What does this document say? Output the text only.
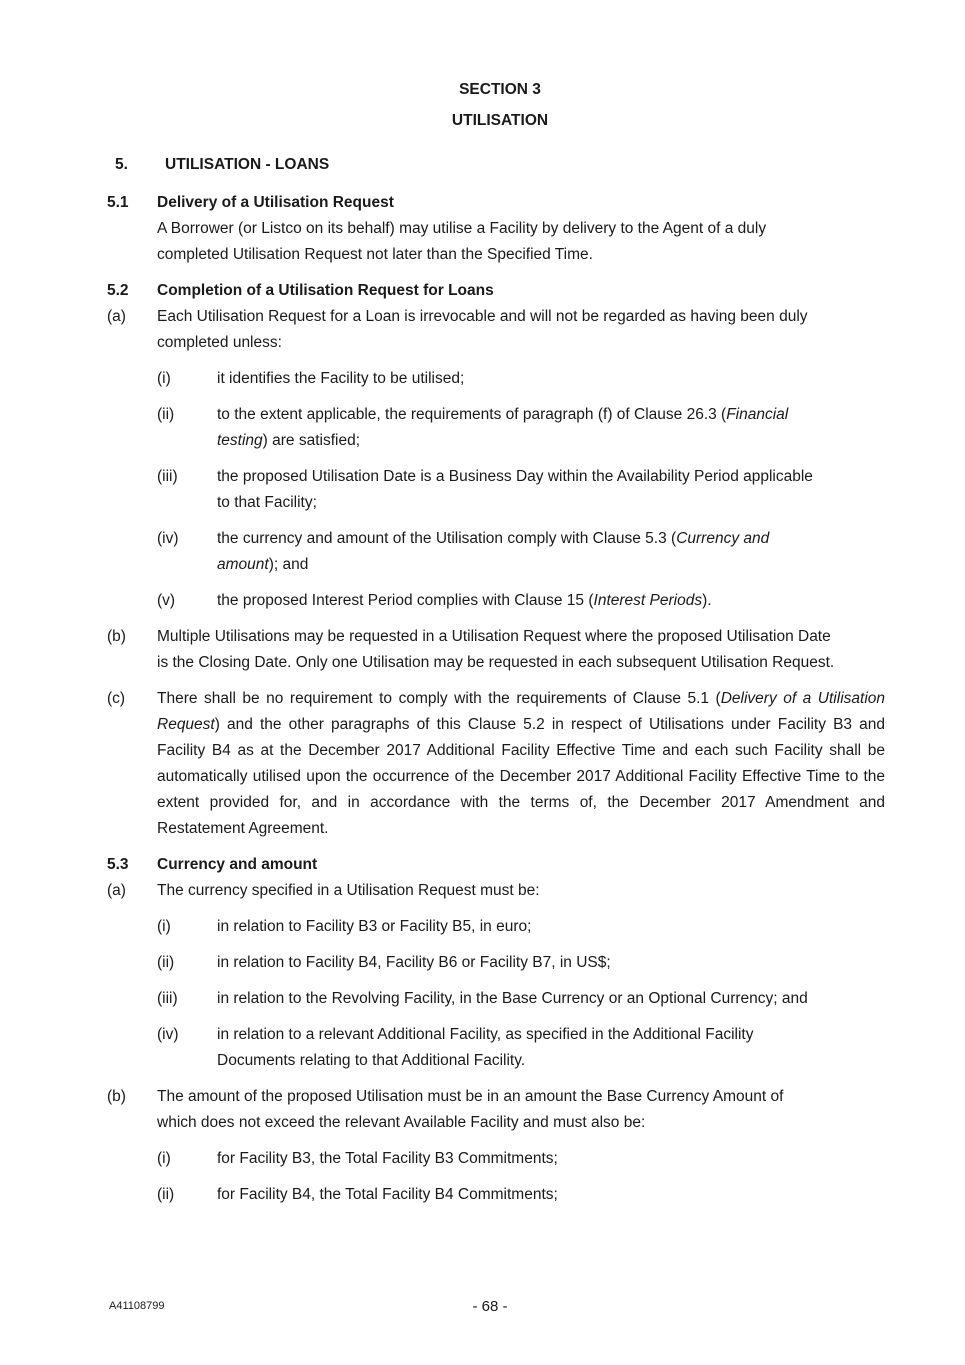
SECTION 3
UTILISATION
5. UTILISATION - LOANS
5.1 Delivery of a Utilisation Request
A Borrower (or Listco on its behalf) may utilise a Facility by delivery to the Agent of a duly
completed Utilisation Request not later than the Specified Time.
5.2 Completion of a Utilisation Request for Loans
(a) Each Utilisation Request for a Loan is irrevocable and will not be regarded as having been duly
completed unless:
(i)	it identifies the Facility to be utilised;
(ii)	to the extent applicable, the requirements of paragraph (f) of Clause 26.3 (Financial
testing) are satisfied;
(iii)	the proposed Utilisation Date is a Business Day within the Availability Period applicable
to that Facility;
(iv) the currency and amount of the Utilisation comply with Clause 5.3 (Currency and
amount); and
(v)	the proposed Interest Period complies with Clause 15 (Interest Periods).
(b) Multiple Utilisations may be requested in a Utilisation Request where the proposed Utilisation Date
is the Closing Date. Only one Utilisation may be requested in each subsequent Utilisation Request.
(c) There shall be no requirement to comply with the requirements of Clause 5.1 (Delivery of a Utilisation Request) and the other paragraphs of this Clause 5.2 in respect of Utilisations under Facility B3 and Facility B4 as at the December 2017 Additional Facility Effective Time and each such Facility shall be automatically utilised upon the occurrence of the December 2017 Additional Facility Effective Time to the extent provided for, and in accordance with the terms of, the December 2017 Amendment and Restatement Agreement.
5.3 Currency and amount
(a) The currency specified in a Utilisation Request must be:
(i)	in relation to Facility B3 or Facility B5, in euro;
(ii)	in relation to Facility B4, Facility B6 or Facility B7, in US$;
(iii)	in relation to the Revolving Facility, in the Base Currency or an Optional Currency; and
(iv) in relation to a relevant Additional Facility, as specified in the Additional Facility
Documents relating to that Additional Facility.
(b) The amount of the proposed Utilisation must be in an amount the Base Currency Amount of
which does not exceed the relevant Available Facility and must also be:
(i)	for Facility B3, the Total Facility B3 Commitments;
(ii)	for Facility B4, the Total Facility B4 Commitments;
A41108799	- 68 -
